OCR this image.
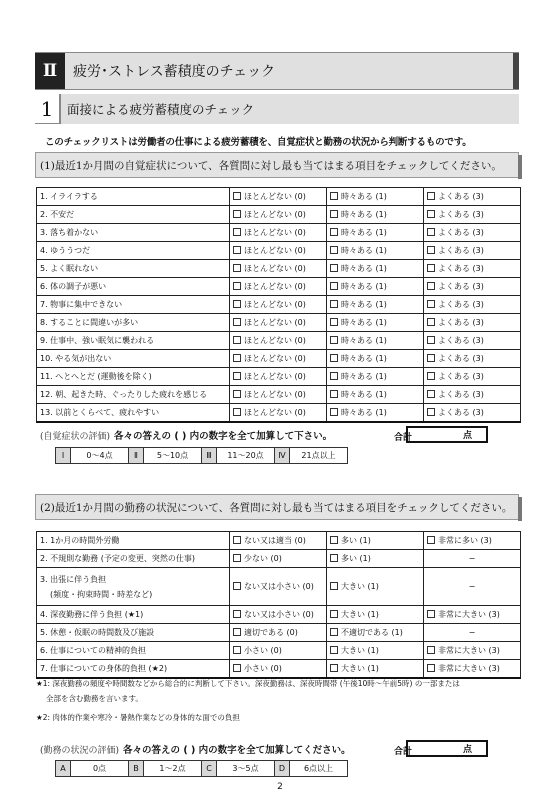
Ⅱ	疲労･ストレス蓄積度のチェック
1	面接による疲労蓄積度のチェック
このチェックリストは労働者の仕事による疲労蓄積を、自覚症状と勤務の状況から判断するものです。
(1)最近1か月間の自覚症状について、各質問に対し最も当てはまる項目をチェックしてください。
1. イライラする	ほとんどない (0)	時々ある (1)	よくある (3)
2. 不安だ	ほとんどない (0)	時々ある (1)	よくある (3)
3. 落ち着かない	ほとんどない (0)	時々ある (1)	よくある (3)
4. ゆううつだ	ほとんどない (0)	時々ある (1)	よくある (3)
5. よく眠れない	ほとんどない (0)	時々ある (1)	よくある (3)
6. 体の調子が悪い	ほとんどない (0)	時々ある (1)	よくある (3)
7. 物事に集中できない	ほとんどない (0)	時々ある (1)	よくある (3)
8. することに間違いが多い	ほとんどない (0)	時々ある (1)	よくある (3)
9. 仕事中、強い眠気に襲われる	ほとんどない (0)	時々ある (1)	よくある (3)
10. やる気が出ない	ほとんどない (0)	時々ある (1)	よくある (3)
11. へとへとだ (運動後を除く)	ほとんどない (0)	時々ある (1)	よくある (3)
12. 朝、起きた時、ぐったりした疲れを感じる	ほとんどない (0)	時々ある (1)	よくある (3)
13. 以前とくらべて、疲れやすい	ほとんどない (0)	時々ある (1)	よくある (3)
(自覚症状の評価) 各々の答えの ( ) 内の数字を全て加算して下さい。	合計	点
Ⅰ	0〜4点	Ⅱ	5〜10点	Ⅲ	11〜20点	Ⅳ	21点以上
(2)最近1か月間の勤務の状況について、各質問に対し最も当てはまる項目をチェックしてください。
1. 1か月の時間外労働	ない又は適当 (0)	多い (1)	非常に多い (3)

2. 不規則な勤務 (予定の変更、突然の仕事)	少ない (0)	多い (1)	−

3. 出張に伴う負担
(頻度・拘束時間・時差など)	ない又は小さい (0)	大きい (1)	−

4. 深夜勤務に伴う負担 (★1)	ない又は小さい (0)	大きい (1)	非常に大きい (3)

5. 休憩・仮眠の時間数及び施設	適切である (0)	不適切である (1)	−

6. 仕事についての精神的負担	小さい (0)	大きい (1)	非常に大きい (3)

7. 仕事についての身体的負担 (★2)	小さい (0)	大きい (1)	非常に大きい (3)
★1: 深夜勤務の頻度や時間数などから総合的に判断して下さい。深夜勤務は、深夜時間帯 (午後10時〜午前5時) の一部または
全部を含む勤務を言います。
★2: 肉体的作業や寒冷・暑熱作業などの身体的な面での負担
(勤務の状況の評価) 各々の答えの ( ) 内の数字を全て加算してください。	合計	点
A	0点	B	1〜2点	C	3〜5点	D	6点以上
2
